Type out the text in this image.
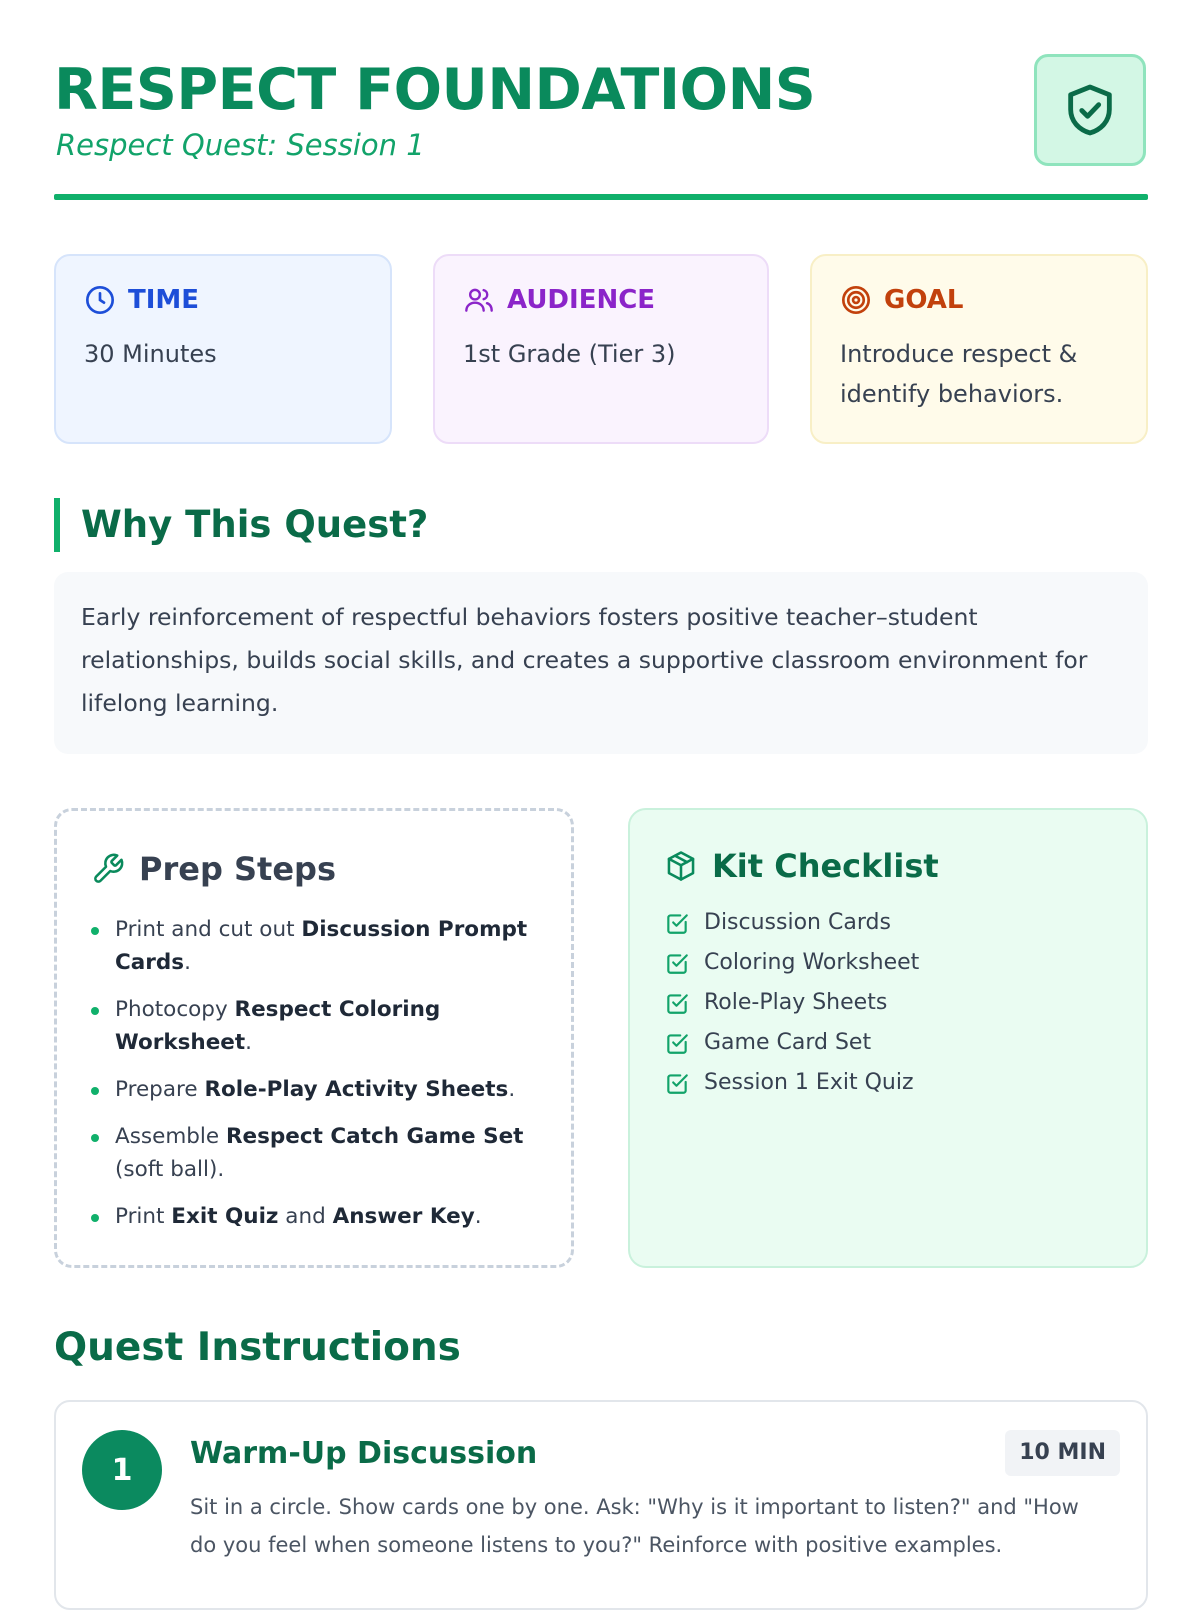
RESPECT FOUNDATIONS
Respect Quest: Session 1
TIME
30 Minutes
AUDIENCE
1st Grade (Tier 3)
GOAL
Introduce respect & identify behaviors.
Why This Quest?
Early reinforcement of respectful behaviors fosters positive teacher–student relationships, builds social skills, and creates a supportive classroom environment for lifelong learning.
Prep Steps
Print and cut out Discussion Prompt Cards.
Photocopy Respect Coloring Worksheet.
Prepare Role-Play Activity Sheets.
Assemble Respect Catch Game Set (soft ball).
Print Exit Quiz and Answer Key.
Kit Checklist
Discussion Cards
Coloring Worksheet
Role-Play Sheets
Game Card Set
Session 1 Exit Quiz
Quest Instructions
1	Warm-Up Discussion	10 MIN
Sit in a circle. Show cards one by one. Ask: "Why is it important to listen?" and "How do you feel when someone listens to you?" Reinforce with positive examples.
